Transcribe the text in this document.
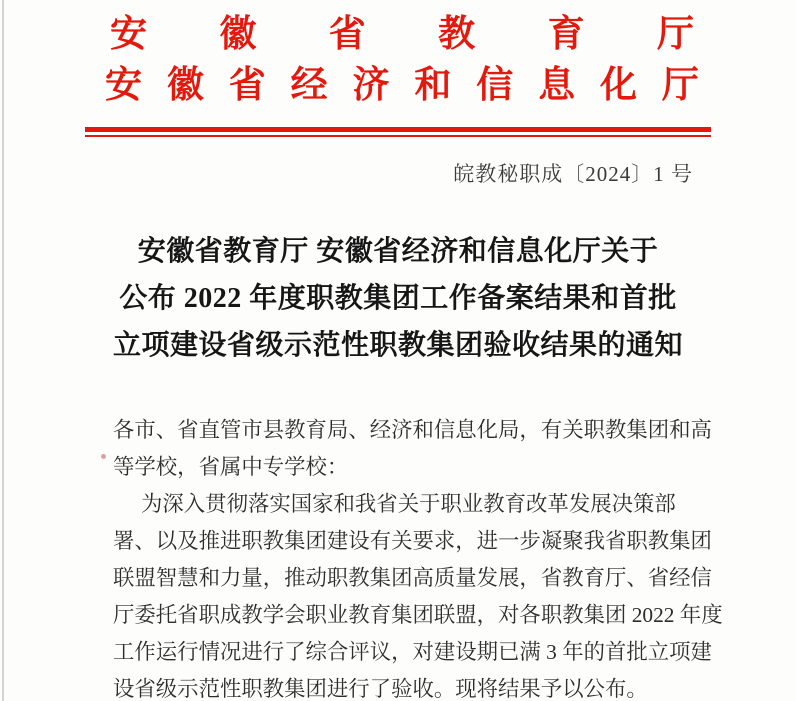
安 徽 省 教 育 厅
安 徽 省 经 济 和 信 息 化 厅
皖教秘职成〔2024〕1 号
安徽省教育厅 安徽省经济和信息化厅关于
公布 2022 年度职教集团工作备案结果和首批
立项建设省级示范性职教集团验收结果的通知
各市、省直管市县教育局、经济和信息化局，有关职教集团和高
等学校，省属中专学校：
为深入贯彻落实国家和我省关于职业教育改革发展决策部
署、以及推进职教集团建设有关要求，进一步凝聚我省职教集团
联盟智慧和力量，推动职教集团高质量发展，省教育厅、省经信
厅委托省职成教学会职业教育集团联盟，对各职教集团 2022 年度
工作运行情况进行了综合评议，对建设期已满 3 年的首批立项建
设省级示范性职教集团进行了验收。现将结果予以公布。
